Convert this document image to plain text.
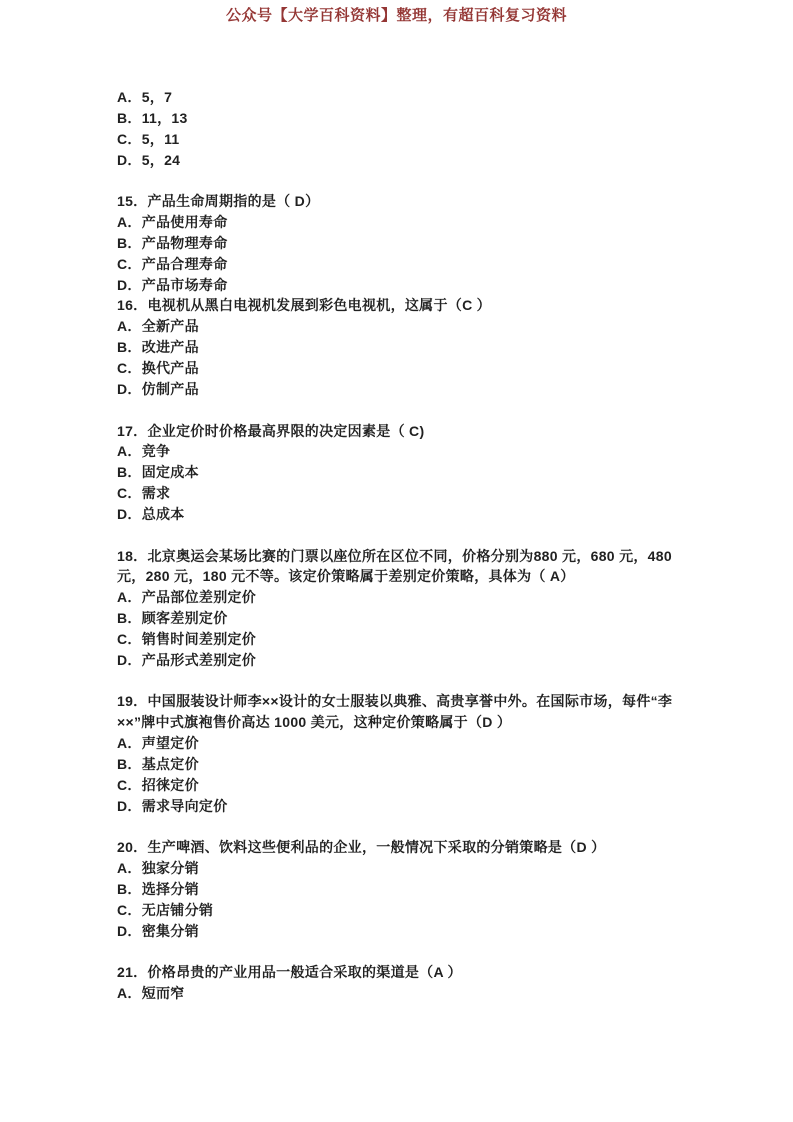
公众号【大学百科资料】整理，有超百科复习资料

A．5，7

B．11，13

C．5，11

D．5，24

15．产品生命周期指的是（ D）

A．产品使用寿命

B．产品物理寿命

C．产品合理寿命

D．产品市场寿命

16．电视机从黑白电视机发展到彩色电视机，这属于（C ）

A．全新产品

B．改进产品

C．换代产品

D．仿制产品

17．企业定价时价格最高界限的决定因素是（ C)

A．竞争

B．固定成本

C．需求

D．总成本

18．北京奥运会某场比赛的门票以座位所在区位不同，价格分别为880 元，680 元，480 元，280 元，180 元不等。该定价策略属于差别定价策略，具体为（ A）

A．产品部位差别定价

B．顾客差别定价

C．销售时间差别定价

D．产品形式差别定价

19．中国服装设计师李××设计的女士服装以典雅、高贵享誉中外。在国际市场，每件“李××”牌中式旗袍售价高达 1000 美元，这种定价策略属于（D ）

A．声望定价

B．基点定价

C．招徕定价

D．需求导向定价

20．生产啤酒、饮料这些便利品的企业，一般情况下采取的分销策略是（D ）

A．独家分销

B．选择分销

C．无店铺分销

D．密集分销

21．价格昂贵的产业用品一般适合采取的渠道是（A ）

A．短而窄
